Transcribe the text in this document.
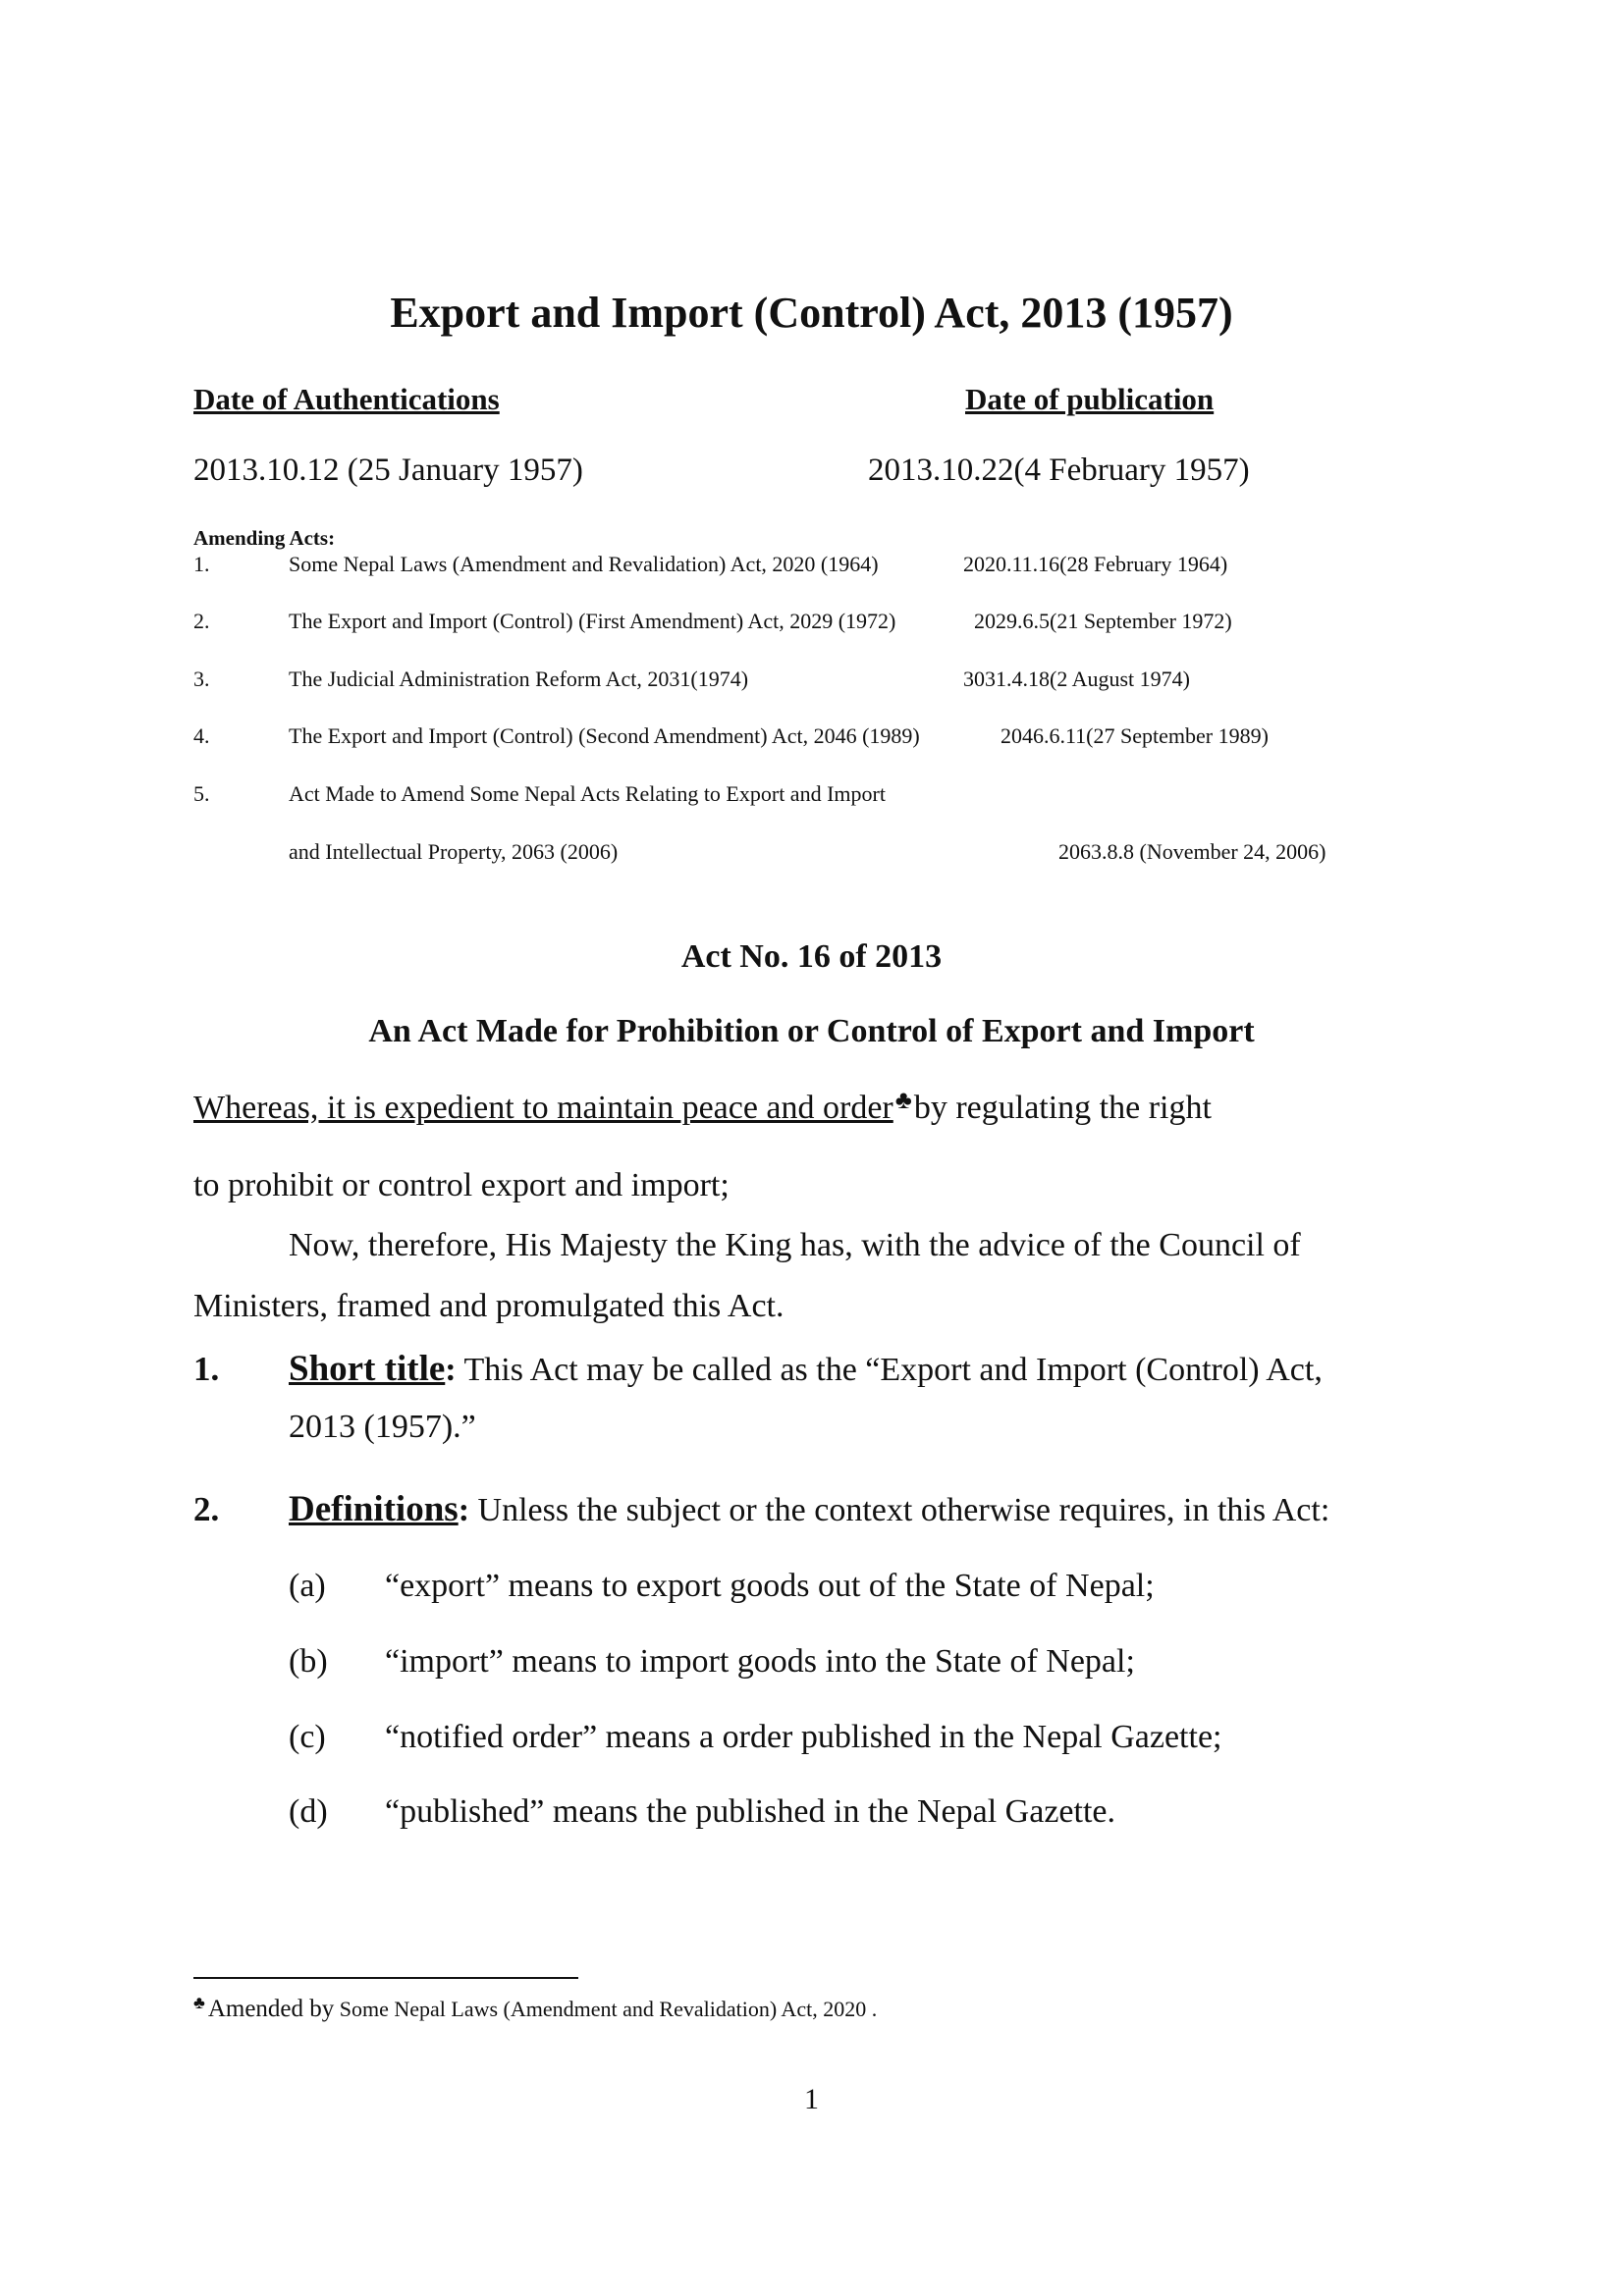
Export and Import (Control) Act, 2013 (1957)
Date of Authentications	Date of publication
2013.10.12 (25 January 1957)	2013.10.22(4 February 1957)
Amending Acts:
1.	Some Nepal Laws (Amendment and Revalidation) Act, 2020 (1964)	2020.11.16(28 February 1964)
2.	The Export and Import (Control) (First Amendment) Act, 2029 (1972)	2029.6.5(21 September 1972)
3.	The Judicial Administration Reform Act, 2031(1974)	3031.4.18(2 August 1974)
4.	The Export and Import (Control) (Second Amendment) Act, 2046 (1989)	2046.6.11(27 September 1989)
5.	Act Made to Amend Some Nepal Acts Relating to Export and Import
and Intellectual Property, 2063 (2006)	2063.8.8 (November 24, 2006)
Act No. 16 of 2013
An Act Made for Prohibition or Control of Export and Import
Whereas, it is expedient to maintain peace and order♣by regulating the right
to prohibit or control export and import;
Now, therefore, His Majesty the King has, with the advice of the Council of
Ministers, framed and promulgated this Act.
1. Short title: This Act may be called as the “Export and Import (Control) Act,
2013 (1957).”
2. Definitions: Unless the subject or the context otherwise requires, in this Act:
(a) “export” means to export goods out of the State of Nepal;
(b) “import” means to import goods into the State of Nepal;
(c) “notified order” means a order published in the Nepal Gazette;
(d) “published” means the published in the Nepal Gazette.
♣ Amended by Some Nepal Laws (Amendment and Revalidation) Act, 2020 .
1
